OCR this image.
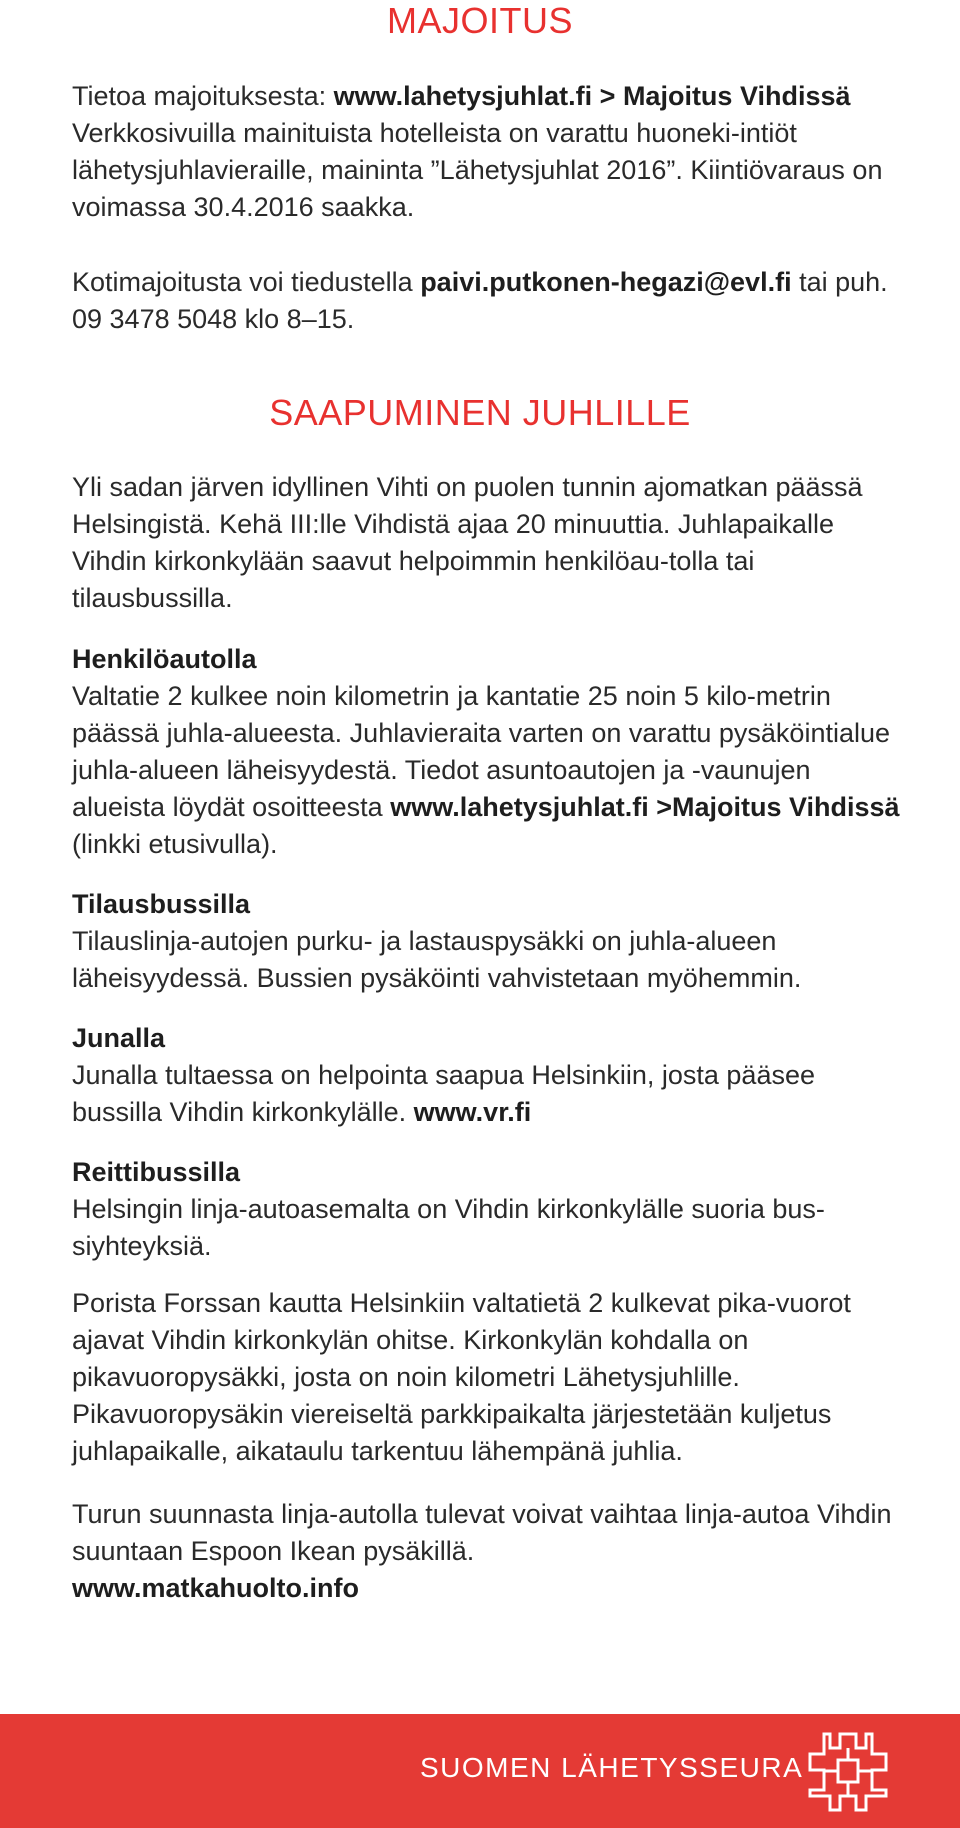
MAJOITUS

Tietoa majoituksesta: www.lahetysjuhlat.fi > Majoitus Vihdissä Verkkosivuilla mainituista hotelleista on varattu huoneki-intiöt lähetysjuhlavieraille, maininta ”Lähetysjuhlat 2016”. Kiintiövaraus on voimassa 30.4.2016 saakka.

Kotimajoitusta voi tiedustella paivi.putkonen-hegazi@evl.fi tai puh. 09 3478 5048 klo 8–15.

SAAPUMINEN JUHLILLE

Yli sadan järven idyllinen Vihti on puolen tunnin ajomatkan päässä Helsingistä. Kehä III:lle Vihdistä ajaa 20 minuuttia. Juhlapaikalle Vihdin kirkonkylään saavut helpoimmin henkilöau-tolla tai tilausbussilla.

Henkilöautolla
Valtatie 2 kulkee noin kilometrin ja kantatie 25 noin 5 kilo-metrin päässä juhla-alueesta. Juhlavieraita varten on varattu pysäköintialue juhla-alueen läheisyydestä. Tiedot asuntoautojen ja -vaunujen alueista löydät osoitteesta www.lahetysjuhlat.fi >Majoitus Vihdissä (linkki etusivulla).

Tilausbussilla
Tilauslinja-autojen purku- ja lastauspysäkki on juhla-alueen läheisyydessä. Bussien pysäköinti vahvistetaan myöhemmin.

Junalla
Junalla tultaessa on helpointa saapua Helsinkiin, josta pääsee bussilla Vihdin kirkonkylälle. www.vr.fi

Reittibussilla
Helsingin linja-autoasemalta on Vihdin kirkonkylälle suoria bus-siyhteyksiä.

Porista Forssan kautta Helsinkiin valtatietä 2 kulkevat pika-vuorot ajavat Vihdin kirkonkylän ohitse. Kirkonkylän kohdalla on pikavuoropysäkki, josta on noin kilometri Lähetysjuhlille. Pikavuoropysäkin viereiseltä parkkipaikalta järjestetään kuljetus juhlapaikalle, aikataulu tarkentuu lähempänä juhlia.

Turun suunnasta linja-autolla tulevat voivat vaihtaa linja-autoa Vihdin suuntaan Espoon Ikean pysäkillä.
www.matkahuolto.info

SUOMEN LÄHETYSSEURA
